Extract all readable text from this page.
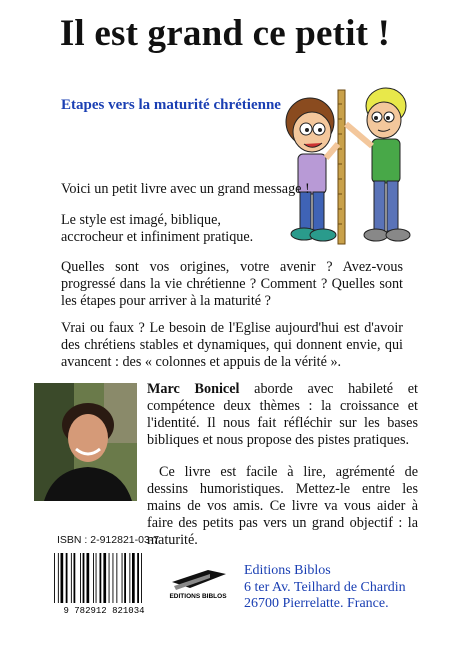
Il est grand ce petit !

Etapes vers la maturité chrétienne

Voici un petit livre avec un grand message !

Le style est imagé, biblique, accrocheur et infiniment pratique.

Quelles sont vos origines, votre avenir ? Avez-vous progressé dans la vie chrétienne ? Comment ? Quelles sont les étapes pour arriver à la maturité ?

Vrai ou faux ? Le besoin de l'Eglise aujourd'hui est d'avoir des chrétiens stables et dynamiques, qui donnent envie, qui avancent : des « colonnes et appuis de la vérité ».

Marc Bonicel aborde avec habileté et compétence deux thèmes : la croissance et l'identité. Il nous fait réfléchir sur les bases bibliques et nous propose des pistes pratiques.

Ce livre est facile à lire, agrémenté de dessins humoristiques. Mettez-le entre les mains de vos amis. Ce livre va vous aider à faire des petits pas vers un grand objectif : la maturité.

ISBN : 2-912821-03-7

9 782912 821034
EDITIONS BIBLOS
Editions Biblos
6 ter Av. Teilhard de Chardin
26700 Pierrelatte. France.
